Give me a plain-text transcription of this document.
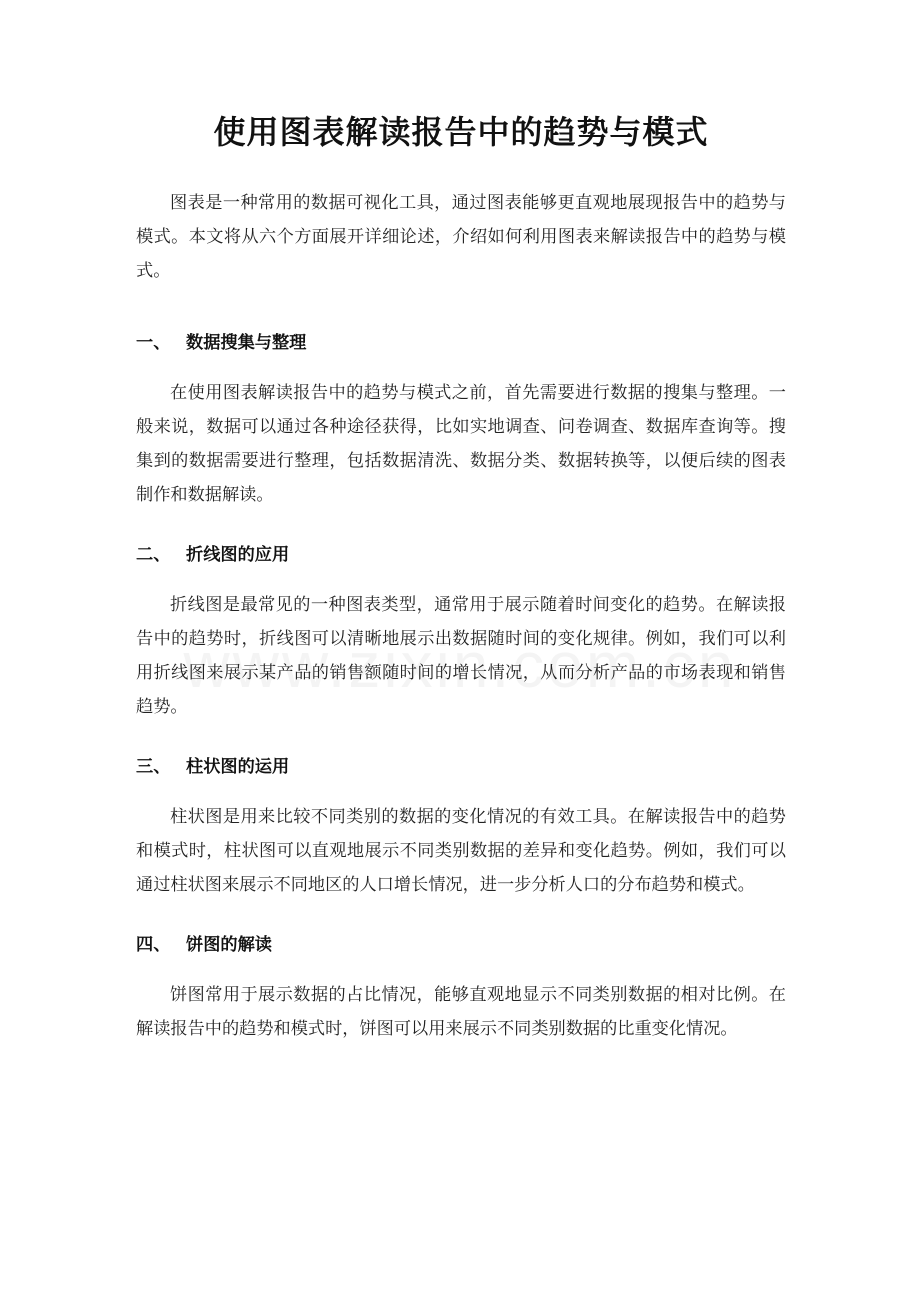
使用图表解读报告中的趋势与模式

图表是一种常用的数据可视化工具，通过图表能够更直观地展现报告中的趋势与模式。本文将从六个方面展开详细论述，介绍如何利用图表来解读报告中的趋势与模式。

一、 数据搜集与整理

在使用图表解读报告中的趋势与模式之前，首先需要进行数据的搜集与整理。一般来说，数据可以通过各种途径获得，比如实地调查、问卷调查、数据库查询等。搜集到的数据需要进行整理，包括数据清洗、数据分类、数据转换等，以便后续的图表制作和数据解读。

二、 折线图的应用

折线图是最常见的一种图表类型，通常用于展示随着时间变化的趋势。在解读报告中的趋势时，折线图可以清晰地展示出数据随时间的变化规律。例如，我们可以利用折线图来展示某产品的销售额随时间的增长情况，从而分析产品的市场表现和销售趋势。

三、 柱状图的运用

柱状图是用来比较不同类别的数据的变化情况的有效工具。在解读报告中的趋势和模式时，柱状图可以直观地展示不同类别数据的差异和变化趋势。例如，我们可以通过柱状图来展示不同地区的人口增长情况，进一步分析人口的分布趋势和模式。

四、 饼图的解读

饼图常用于展示数据的占比情况，能够直观地显示不同类别数据的相对比例。在解读报告中的趋势和模式时，饼图可以用来展示不同类别数据的比重变化情况。
